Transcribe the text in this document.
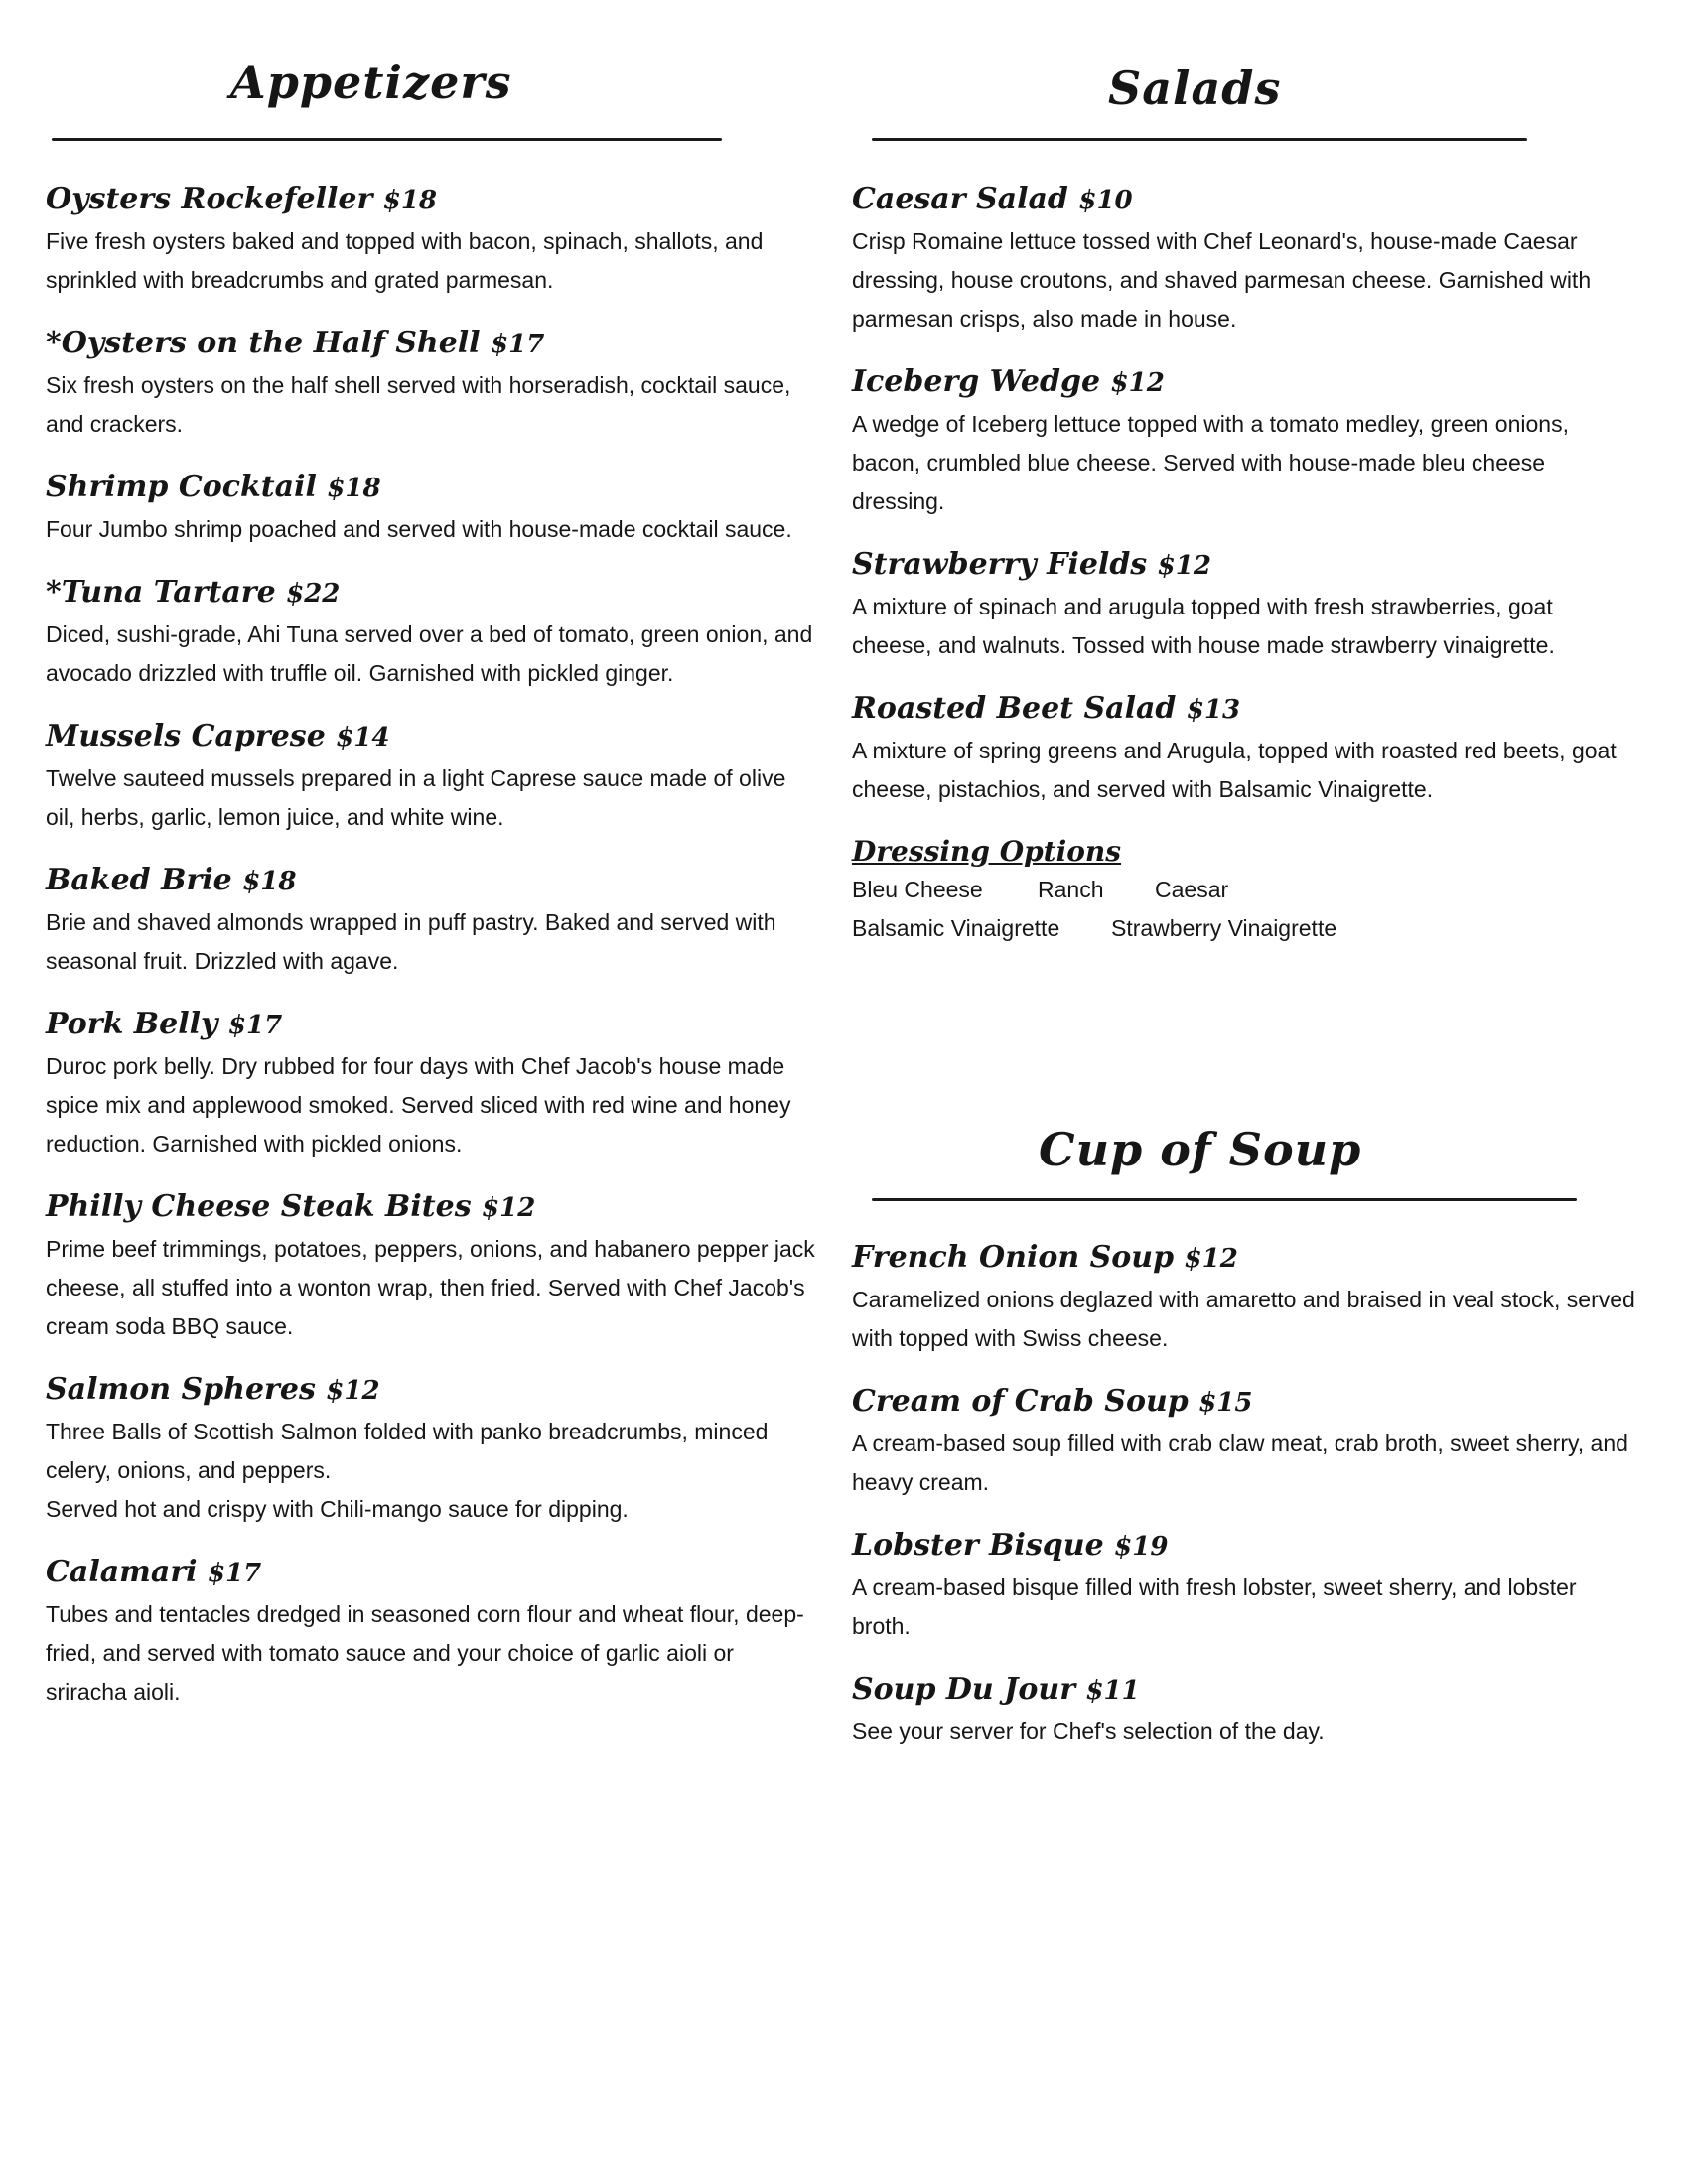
Appetizers
Oysters Rockefeller $18

Five fresh oysters baked and topped with bacon, spinach, shallots, and sprinkled with breadcrumbs and grated parmesan.

*Oysters on the Half Shell $17

Six fresh oysters on the half shell served with horseradish, cocktail sauce, and crackers.

Shrimp Cocktail $18

Four Jumbo shrimp poached and served with house-made cocktail sauce.

*Tuna Tartare $22

Diced, sushi-grade, Ahi Tuna served over a bed of tomato, green onion, and avocado drizzled with truffle oil. Garnished with pickled ginger.

Mussels Caprese $14

Twelve sauteed mussels prepared in a light Caprese sauce made of olive oil, herbs, garlic, lemon juice, and white wine.

Baked Brie $18

Brie and shaved almonds wrapped in puff pastry. Baked and served with seasonal fruit. Drizzled with agave.

Pork Belly $17

Duroc pork belly. Dry rubbed for four days with Chef Jacob's house made spice mix and applewood smoked. Served sliced with red wine and honey reduction. Garnished with pickled onions.

Philly Cheese Steak Bites $12

Prime beef trimmings, potatoes, peppers, onions, and habanero pepper jack cheese, all stuffed into a wonton wrap, then fried. Served with Chef Jacob's cream soda BBQ sauce.

Salmon Spheres $12

Three Balls of Scottish Salmon folded with panko breadcrumbs, minced celery, onions, and peppers.

Served hot and crispy with Chili-mango sauce for dipping.

Calamari $17

Tubes and tentacles dredged in seasoned corn flour and wheat flour, deep-fried, and served with tomato sauce and your choice of garlic aioli or sriracha aioli.

Salads
Caesar Salad $10

Crisp Romaine lettuce tossed with Chef Leonard's, house-made Caesar dressing, house croutons, and shaved parmesan cheese. Garnished with parmesan crisps, also made in house.

Iceberg Wedge $12

A wedge of Iceberg lettuce topped with a tomato medley, green onions, bacon, crumbled blue cheese. Served with house-made bleu cheese dressing.

Strawberry Fields $12

A mixture of spinach and arugula topped with fresh strawberries, goat cheese, and walnuts. Tossed with house made strawberry vinaigrette.

Roasted Beet Salad $13

A mixture of spring greens and Arugula, topped with roasted red beets, goat cheese, pistachios, and served with Balsamic Vinaigrette.

Dressing Options
Bleu Cheese Ranch Caesar
Balsamic Vinaigrette Strawberry Vinaigrette
Cup of Soup
French Onion Soup $12

Caramelized onions deglazed with amaretto and braised in veal stock, served with topped with Swiss cheese.

Cream of Crab Soup $15

A cream-based soup filled with crab claw meat, crab broth, sweet sherry, and heavy cream.

Lobster Bisque $19

A cream-based bisque filled with fresh lobster, sweet sherry, and lobster broth.

Soup Du Jour $11

See your server for Chef's selection of the day.
